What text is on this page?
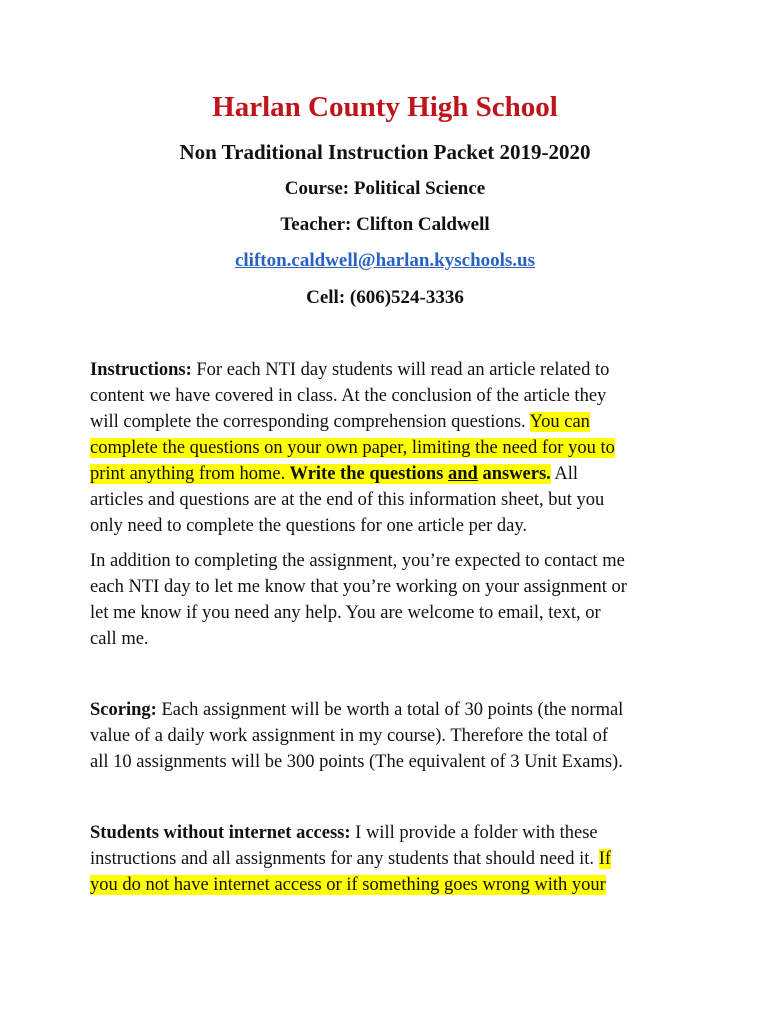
Harlan County High School
Non Traditional Instruction Packet 2019-2020
Course: Political Science
Teacher: Clifton Caldwell
clifton.caldwell@harlan.kyschools.us
Cell: (606)524-3336
Instructions: For each NTI day students will read an article related to
content we have covered in class. At the conclusion of the article they
will complete the corresponding comprehension questions. You can
complete the questions on your own paper, limiting the need for you to
print anything from home. Write the questions and answers. All
articles and questions are at the end of this information sheet, but you
only need to complete the questions for one article per day.
In addition to completing the assignment, you’re expected to contact me
each NTI day to let me know that you’re working on your assignment or
let me know if you need any help. You are welcome to email, text, or
call me.
Scoring: Each assignment will be worth a total of 30 points (the normal
value of a daily work assignment in my course). Therefore the total of
all 10 assignments will be 300 points (The equivalent of 3 Unit Exams).
Students without internet access: I will provide a folder with these
instructions and all assignments for any students that should need it. If
you do not have internet access or if something goes wrong with your
